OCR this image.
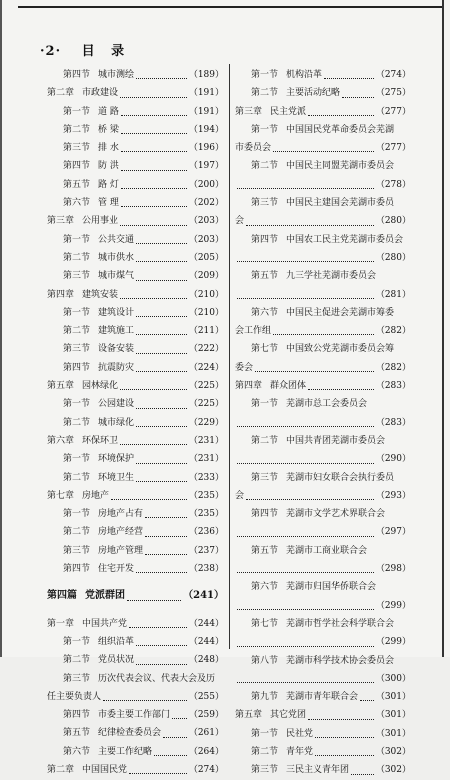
·2· 目 录
第四节 城市测绘	（189）
第二章 市政建设	（191）
第一节 道 路	（191）
第二节 桥 梁	（194）
第三节 排 水	（196）
第四节 防 洪	（197）
第五节 路 灯	（200）
第六节 管 理	（202）
第三章 公用事业	（203）
第一节 公共交通	（203）
第二节 城市供水	（205）
第三节 城市煤气	（209）
第四章 建筑安装	（210）
第一节 建筑设计	（210）
第二节 建筑施工	（211）
第三节 设备安装	（222）
第四节 抗震防灾	（224）
第五章 园林绿化	（225）
第一节 公园建设	（225）
第二节 城市绿化	（229）
第六章 环保环卫	（231）
第一节 环境保护	（231）
第二节 环境卫生	（233）
第七章 房地产	（235）
第一节 房地产占有	（235）
第二节 房地产经营	（236）
第三节 房地产管理	（237）
第四节 住宅开发	（238）
第四篇 党派群团	（241）
第一章 中国共产党	（244）
第一节 组织沿革	（244）
第二节 党员状况	（248）
第三节 历次代表会议、代表大会及历
任主要负责人	（255）
第四节 市委主要工作部门 （259）
第五节 纪律检查委员会	（261）
第六节 主要工作纪略	（264）
第二章 中国国民党	（274）
第一节 机构沿革	（274）
第二节 主要活动纪略	（275）
第三章 民主党派	（277）
第一节 中国国民党革命委员会芜湖
市委员会	（277）
第二节 中国民主同盟芜湖市委员会
（278）
第三节 中国民主建国会芜湖市委员
会	（280）
第四节 中国农工民主党芜湖市委员会
（280）
第五节 九三学社芜湖市委员会
（281）
第六节 中国民主促进会芜湖市筹委
会工作组	（282）
第七节 中国致公党芜湖市委员会筹
委会	（282）
第四章 群众团体	（283）
第一节 芜湖市总工会委员会
（283）
第二节 中国共青团芜湖市委员会
（290）
第三节 芜湖市妇女联合会执行委员
会	（293）
第四节 芜湖市文学艺术界联合会
（297）
第五节 芜湖市工商业联合会
（298）
第六节 芜湖市归国华侨联合会
（299）
第七节 芜湖市哲学社会科学联合会
（299）
第八节 芜湖市科学技术协会委员会
（300）
第九节 芜湖市青年联合会 （301）
第五章 其它党团	（301）
第一节 民社党	（301）
第二节 青年党	（302）
第三节 三民主义青年团	（302）
